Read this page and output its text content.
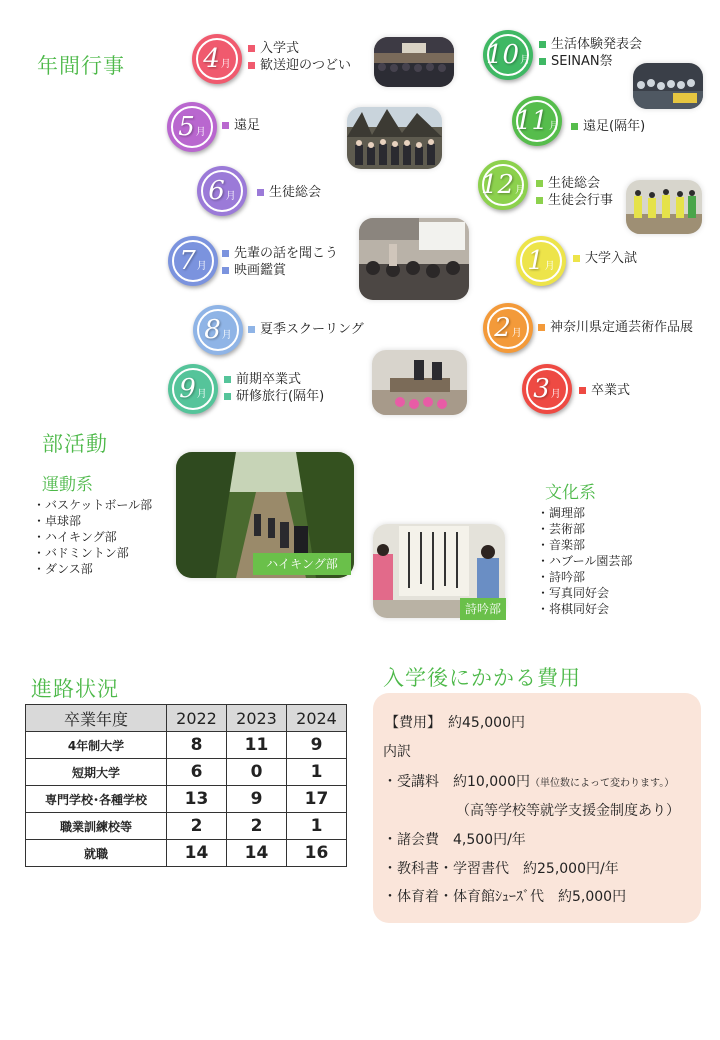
年間行事	4 月
5 月
6 月
7 月
8 月
9 月
10 月
11 月
12 月
1 月
2 月
3 月
入学式
歓送迎のつどい
遠足
生徒総会
先輩の話を聞こう
映画鑑賞
夏季スクーリング
前期卒業式
研修旅行(隔年)
生活体験発表会
SEINAN祭
遠足(隔年)
生徒総会
生徒会行事
大学入試
神奈川県定通芸術作品展
卒業式
部活動
運動系
・バスケットボール部
・卓球部
・ハイキング部
・バドミントン部
・ダンス部	ハイキング部
詩吟部
文化系
・調理部
・芸術部
・音楽部
・ハブール園芸部
・詩吟部
・写真同好会
・将棋同好会
進路状況
卒業年度	2022	2023	2024
4年制大学	8	11	9
短期大学	6	0	1
専門学校･各種学校	13	9	17
職業訓練校等	2	2	1
就職	14	14	16
入学後にかかる費用
【費用】　約45,000円
内訳
・受講料　約10,000円（単位数によって変わります。）
（高等学校等就学支援金制度あり）
・諸会費　4,500円/年
・教科書・学習書代　約25,000円/年
・体育着・体育館ｼｭｰｽﾞ代　約5,000円
